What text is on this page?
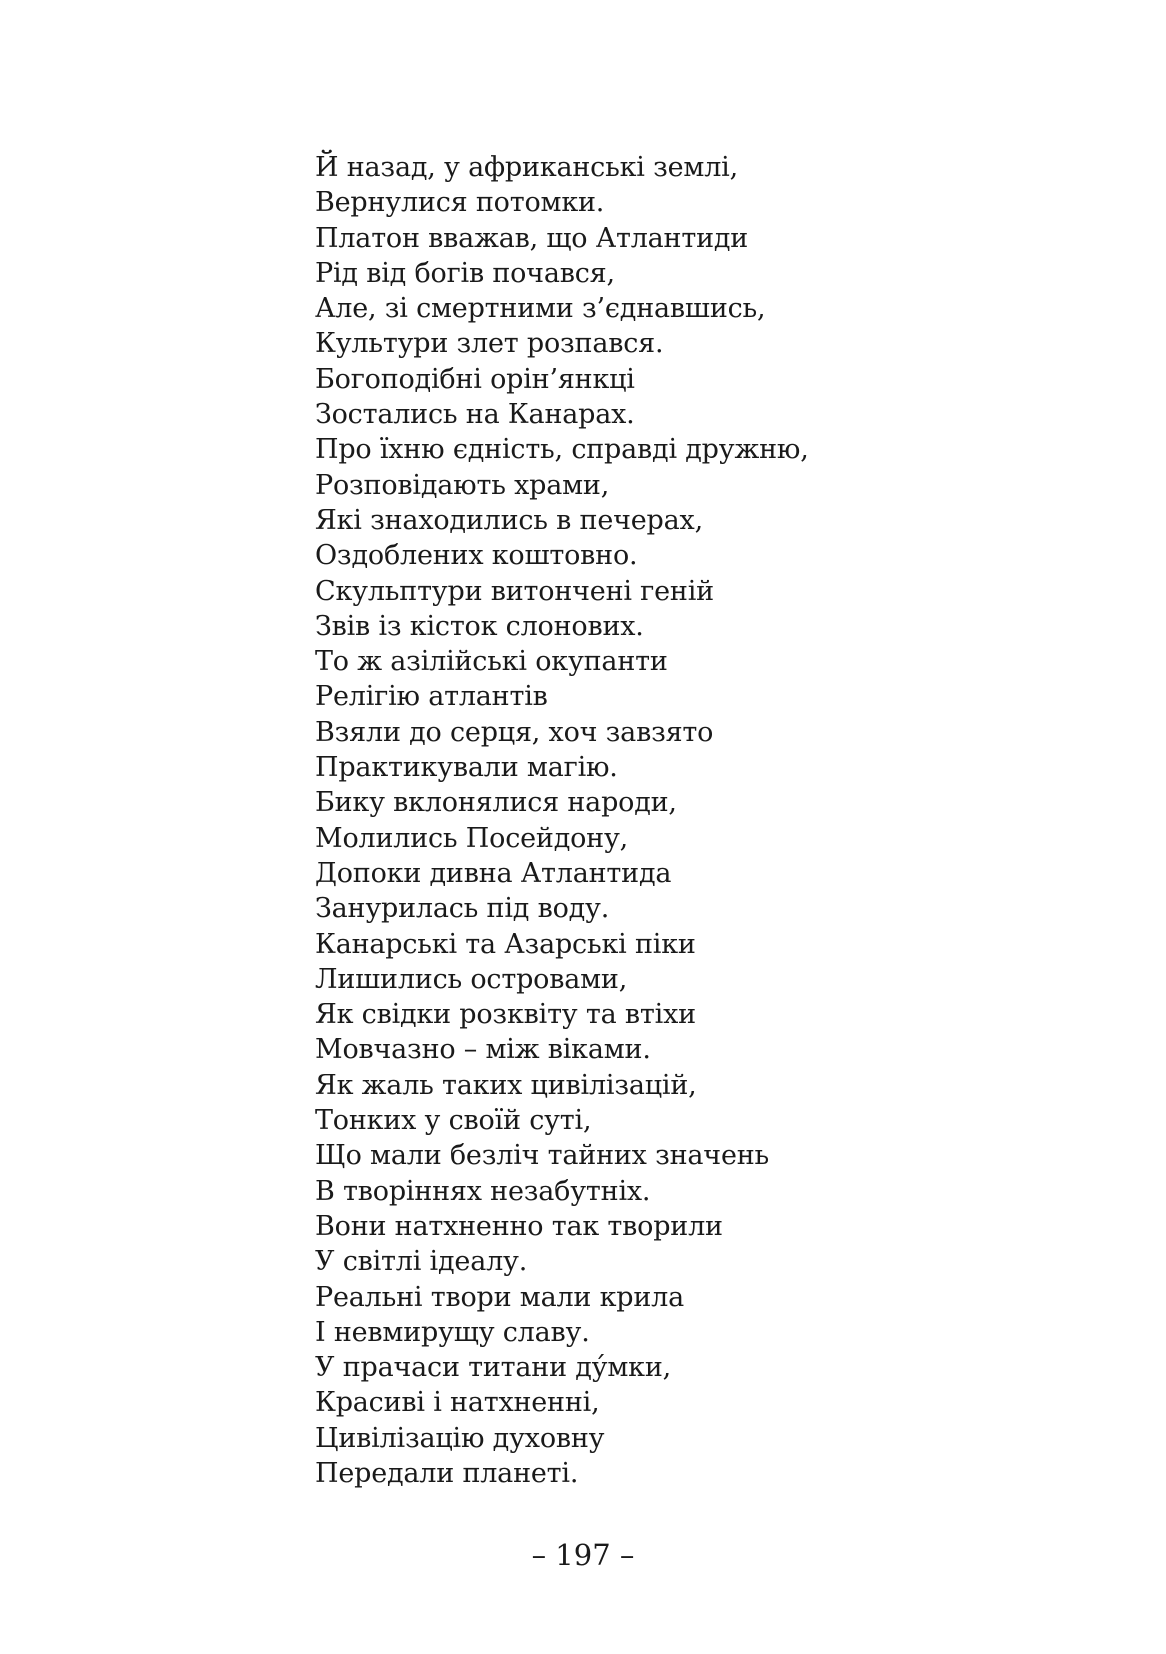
Й назад, у африканські землі,
Вернулися потомки.
Платон вважав, що Атлантиди
Рід від богів почався,
Але, зі смертними з’єднавшись,
Культури злет розпався.
Богоподібні орін’янкці
Зостались на Канарах.
Про їхню єдність, справді дружню,
Розповідають храми,
Які знаходились в печерах,
Оздоблених коштовно.
Скульптури витончені геній
Звів із кісток слонових.
То ж азілійські окупанти
Релігію атлантів
Взяли до серця, хоч завзято
Практикували магію.
Бику вклонялися народи,
Молились Посейдону,
Допоки дивна Атлантида
Занурилась під воду.
Канарські та Азарські піки
Лишились островами,
Як свідки розквіту та втіхи
Мовчазно – між віками.
Як жаль таких цивілізацій,
Тонких у своїй суті,
Що мали безліч тайних значень
В творіннях незабутніх.
Вони натхненно так творили
У світлі ідеалу.
Реальні твори мали крила
І невмирущу славу.
У прачаси титани ду́мки,
Красиві і натхненні,
Цивілізацію духовну
Передали планеті.
– 197 –
